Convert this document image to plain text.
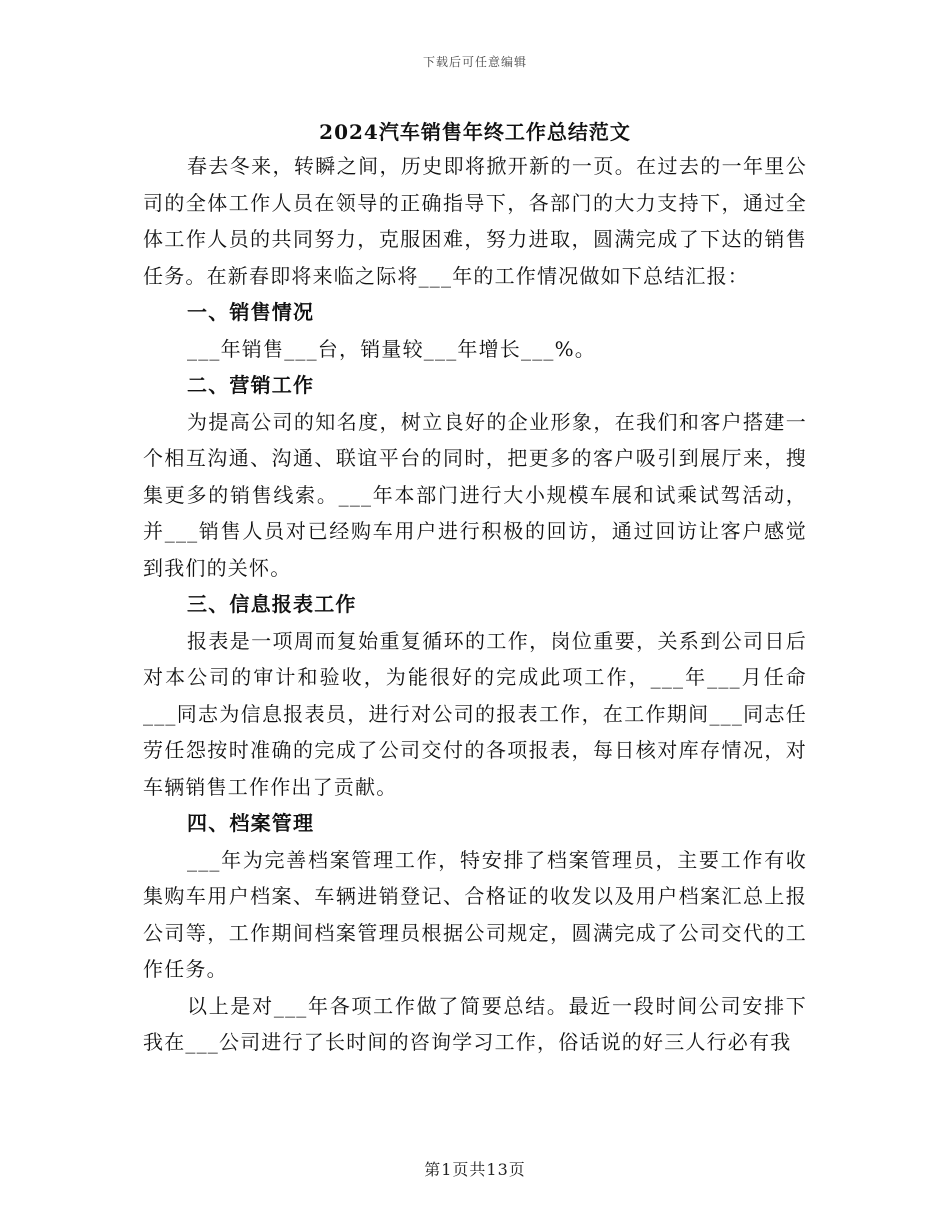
下载后可任意编辑
2024汽车销售年终工作总结范文

春去冬来，转瞬之间，历史即将掀开新的一页。在过去的一年里公司的全体工作人员在领导的正确指导下，各部门的大力支持下，通过全体工作人员的共同努力，克服困难，努力进取，圆满完成了下达的销售任务。在新春即将来临之际将___年的工作情况做如下总结汇报：

一、销售情况

___年销售___台，销量较___年增长___%。

二、营销工作

为提高公司的知名度，树立良好的企业形象，在我们和客户搭建一个相互沟通、沟通、联谊平台的同时，把更多的客户吸引到展厅来，搜集更多的销售线索。___年本部门进行大小规模车展和试乘试驾活动，并___销售人员对已经购车用户进行积极的回访，通过回访让客户感觉到我们的关怀。

三、信息报表工作

报表是一项周而复始重复循环的工作，岗位重要，关系到公司日后对本公司的审计和验收，为能很好的完成此项工作，___年___月任命___同志为信息报表员，进行对公司的报表工作，在工作期间___同志任劳任怨按时准确的完成了公司交付的各项报表，每日核对库存情况，对车辆销售工作作出了贡献。

四、档案管理

___年为完善档案管理工作，特安排了档案管理员，主要工作有收集购车用户档案、车辆进销登记、合格证的收发以及用户档案汇总上报公司等，工作期间档案管理员根据公司规定，圆满完成了公司交代的工作任务。

以上是对___年各项工作做了简要总结。最近一段时间公司安排下我在___公司进行了长时间的咨询学习工作，俗话说的好三人行必有我

第1页共13页
